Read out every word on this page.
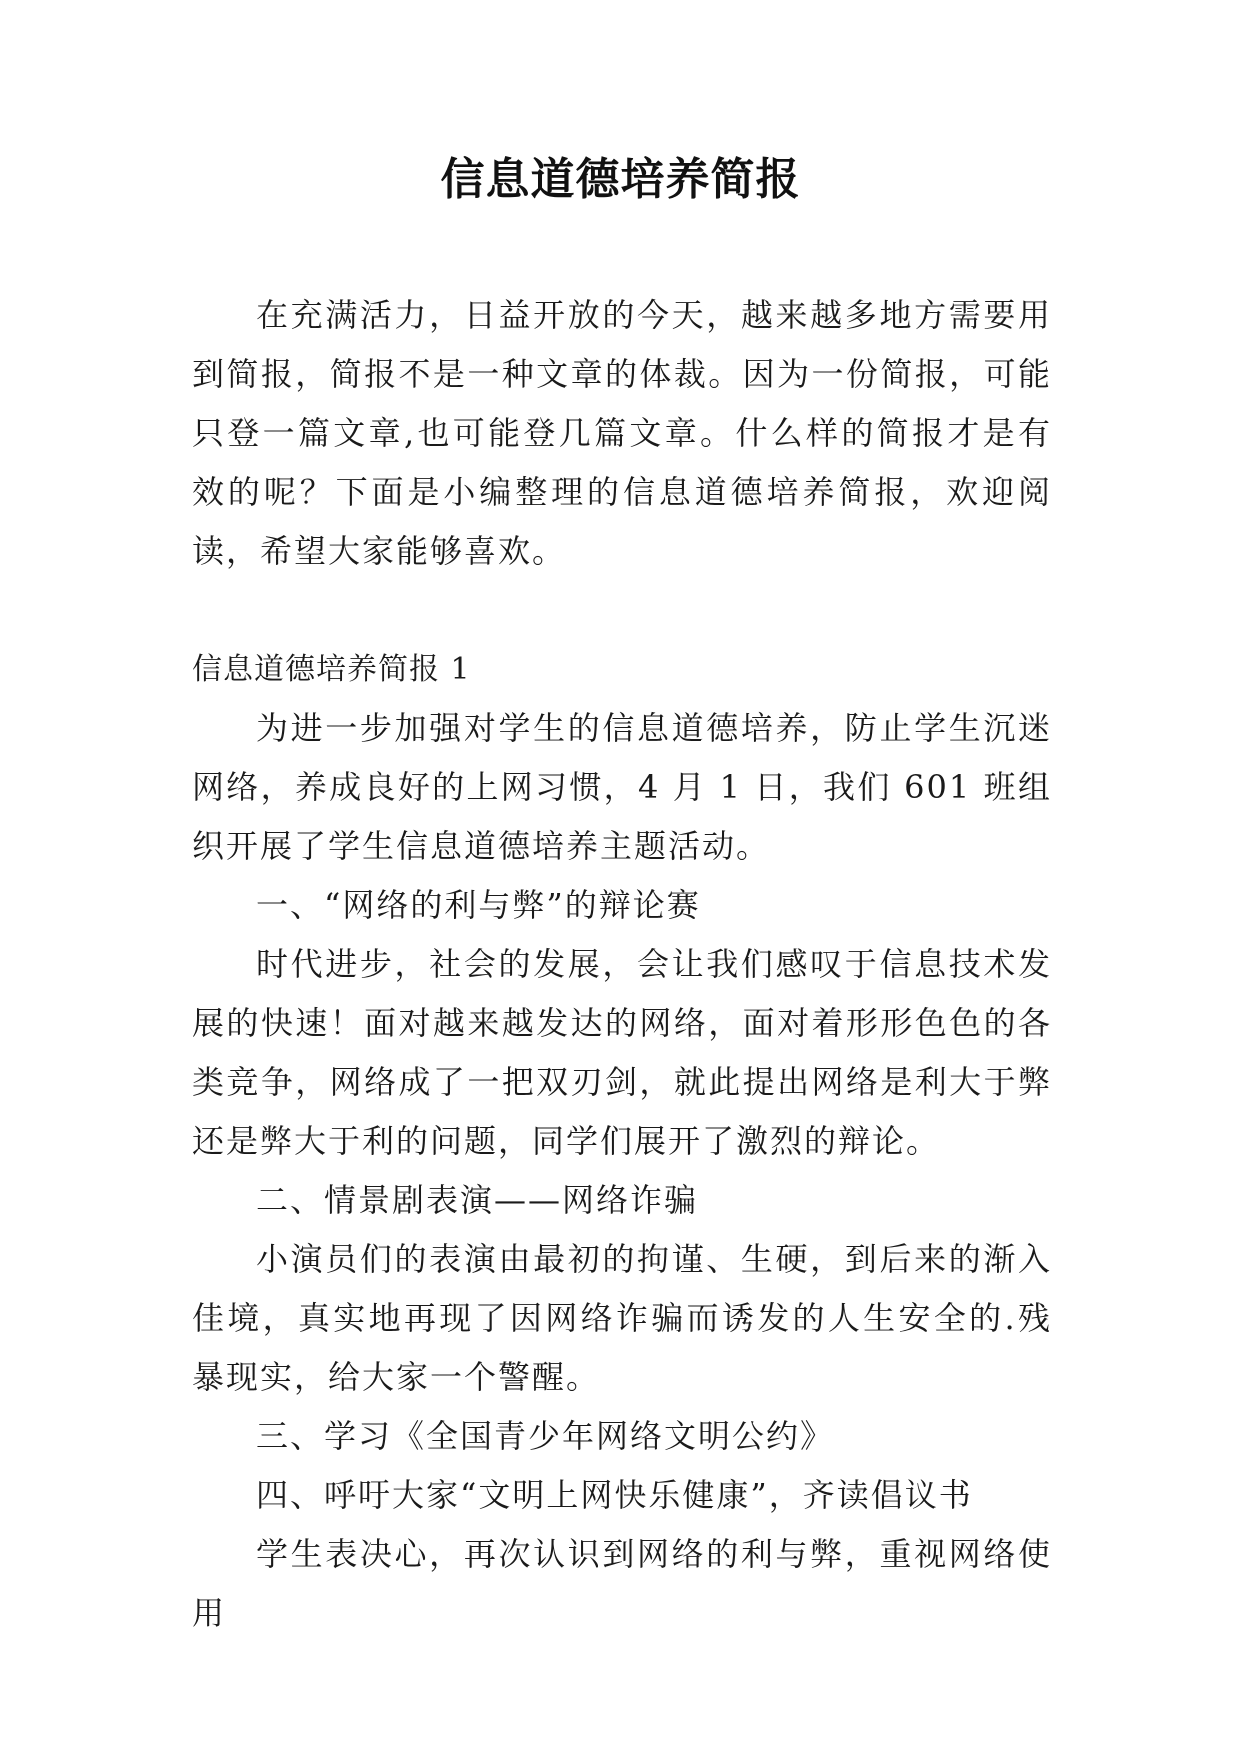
信息道德培养简报

在充满活力，日益开放的今天，越来越多地方需要用到简报，简报不是一种文章的体裁。因为一份简报，可能只登一篇文章,也可能登几篇文章。什么样的简报才是有效的呢？下面是小编整理的信息道德培养简报，欢迎阅读，希望大家能够喜欢。

信息道德培养简报 1

为进一步加强对学生的信息道德培养，防止学生沉迷网络，养成良好的上网习惯，4 月 1 日，我们 601 班组织开展了学生信息道德培养主题活动。

一、“网络的利与弊”的辩论赛

时代进步，社会的发展，会让我们感叹于信息技术发展的快速！面对越来越发达的网络，面对着形形色色的各类竞争，网络成了一把双刃剑，就此提出网络是利大于弊还是弊大于利的问题，同学们展开了激烈的辩论。

二、情景剧表演——网络诈骗

小演员们的表演由最初的拘谨、生硬，到后来的渐入佳境，真实地再现了因网络诈骗而诱发的人生安全的.残暴现实，给大家一个警醒。

三、学习《全国青少年网络文明公约》

四、呼吁大家“文明上网快乐健康”，齐读倡议书

学生表决心，再次认识到网络的利与弊，重视网络使用
